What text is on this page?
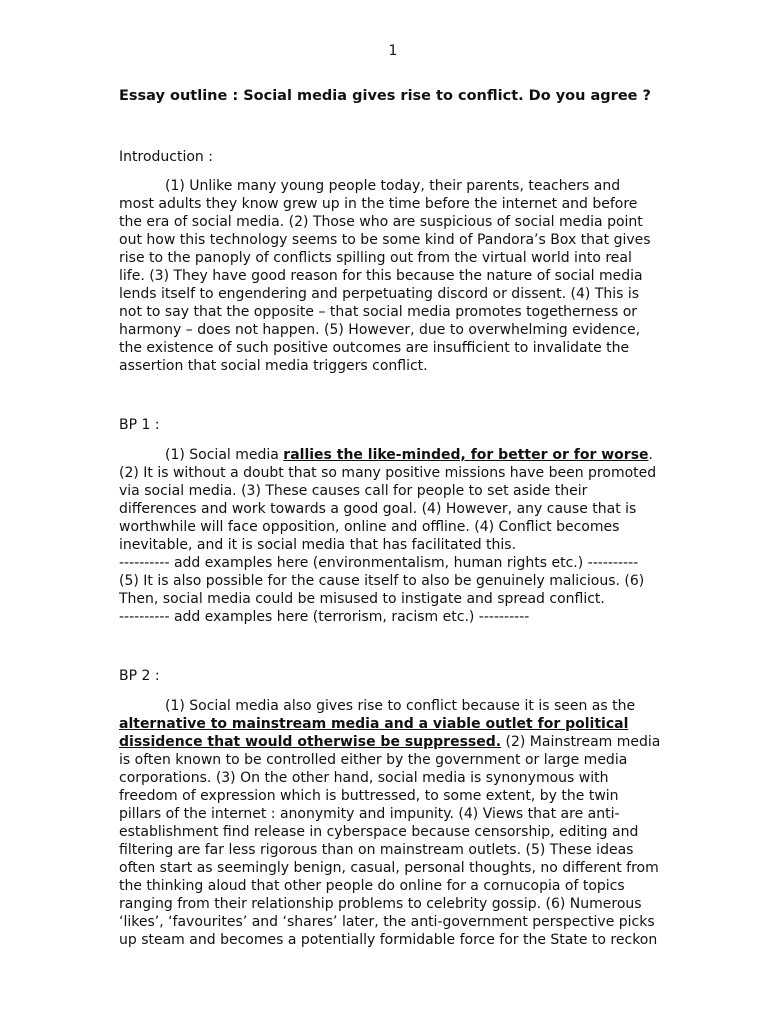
1
Essay outline : Social media gives rise to conflict. Do you agree ?
Introduction :

(1) Unlike many young people today, their parents, teachers and

most adults they know grew up in the time before the internet and before

the era of social media. (2) Those who are suspicious of social media point

out how this technology seems to be some kind of Pandora’s Box that gives

rise to the panoply of conflicts spilling out from the virtual world into real

life. (3) They have good reason for this because the nature of social media

lends itself to engendering and perpetuating discord or dissent. (4) This is

not to say that the opposite – that social media promotes togetherness or

harmony – does not happen. (5) However, due to overwhelming evidence,

the existence of such positive outcomes are insufficient to invalidate the

assertion that social media triggers conflict.

BP 1 :

(1) Social media rallies the like-minded, for better or for worse.

(2) It is without a doubt that so many positive missions have been promoted

via social media. (3) These causes call for people to set aside their

differences and work towards a good goal. (4) However, any cause that is

worthwhile will face opposition, online and offline. (4) Conflict becomes

inevitable, and it is social media that has facilitated this.

---------- add examples here (environmentalism, human rights etc.) ----------

(5) It is also possible for the cause itself to also be genuinely malicious. (6)

Then, social media could be misused to instigate and spread conflict.

---------- add examples here (terrorism, racism etc.) ----------

BP 2 :

(1) Social media also gives rise to conflict because it is seen as the

alternative to mainstream media and a viable outlet for political

dissidence that would otherwise be suppressed. (2) Mainstream media

is often known to be controlled either by the government or large media

corporations. (3) On the other hand, social media is synonymous with

freedom of expression which is buttressed, to some extent, by the twin

pillars of the internet : anonymity and impunity. (4) Views that are anti-

establishment find release in cyberspace because censorship, editing and

filtering are far less rigorous than on mainstream outlets. (5) These ideas

often start as seemingly benign, casual, personal thoughts, no different from

the thinking aloud that other people do online for a cornucopia of topics

ranging from their relationship problems to celebrity gossip. (6) Numerous

‘likes’, ‘favourites’ and ‘shares’ later, the anti-government perspective picks

up steam and becomes a potentially formidable force for the State to reckon
